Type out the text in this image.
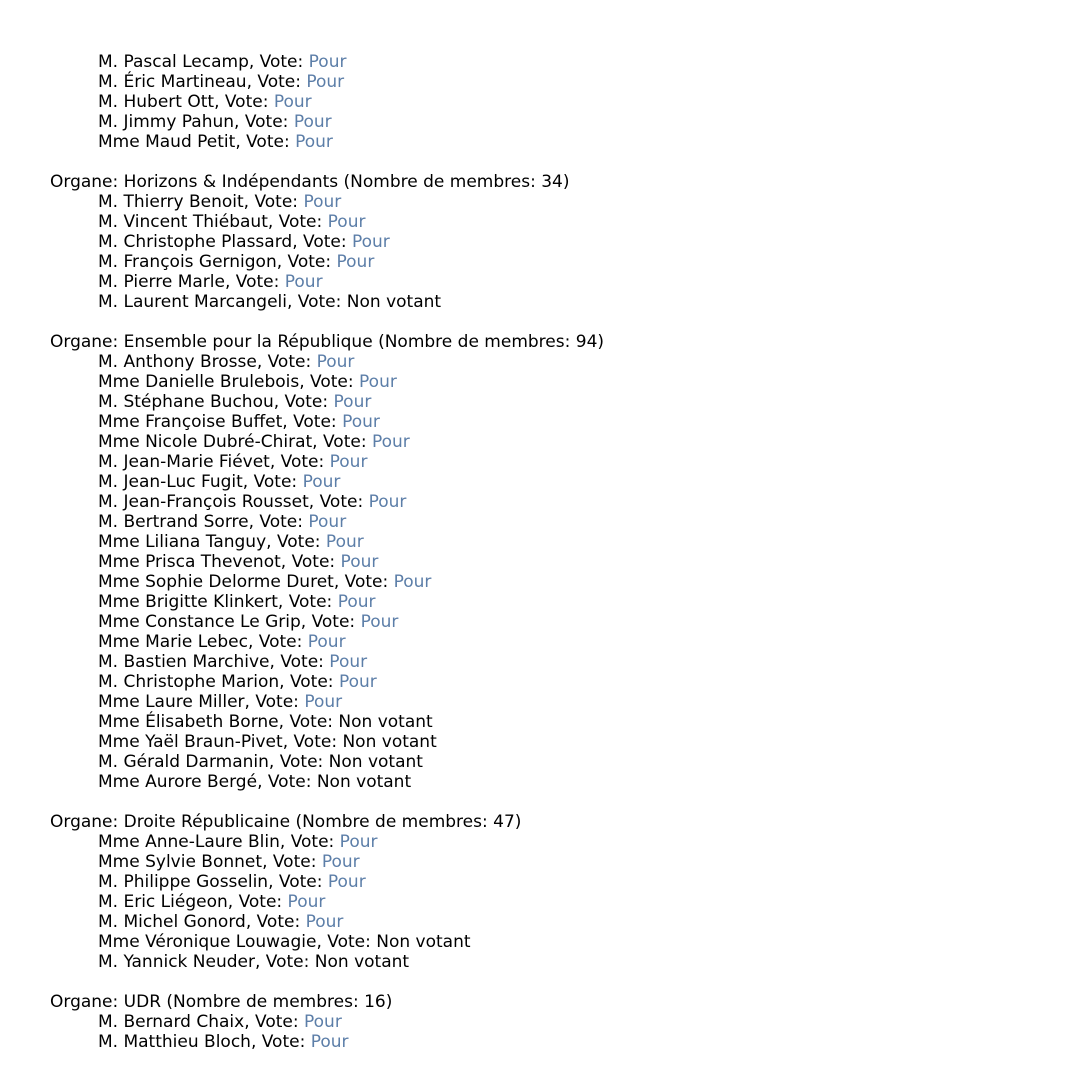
M. Pascal Lecamp, Vote: Pour
M. Éric Martineau, Vote: Pour
M. Hubert Ott, Vote: Pour
M. Jimmy Pahun, Vote: Pour
Mme Maud Petit, Vote: Pour
Organe: Horizons & Indépendants (Nombre de membres: 34)
M. Thierry Benoit, Vote: Pour
M. Vincent Thiébaut, Vote: Pour
M. Christophe Plassard, Vote: Pour
M. François Gernigon, Vote: Pour
M. Pierre Marle, Vote: Pour
M. Laurent Marcangeli, Vote: Non votant
Organe: Ensemble pour la République (Nombre de membres: 94)
M. Anthony Brosse, Vote: Pour
Mme Danielle Brulebois, Vote: Pour
M. Stéphane Buchou, Vote: Pour
Mme Françoise Buffet, Vote: Pour
Mme Nicole Dubré-Chirat, Vote: Pour
M. Jean-Marie Fiévet, Vote: Pour
M. Jean-Luc Fugit, Vote: Pour
M. Jean-François Rousset, Vote: Pour
M. Bertrand Sorre, Vote: Pour
Mme Liliana Tanguy, Vote: Pour
Mme Prisca Thevenot, Vote: Pour
Mme Sophie Delorme Duret, Vote: Pour
Mme Brigitte Klinkert, Vote: Pour
Mme Constance Le Grip, Vote: Pour
Mme Marie Lebec, Vote: Pour
M. Bastien Marchive, Vote: Pour
M. Christophe Marion, Vote: Pour
Mme Laure Miller, Vote: Pour
Mme Élisabeth Borne, Vote: Non votant
Mme Yaël Braun-Pivet, Vote: Non votant
M. Gérald Darmanin, Vote: Non votant
Mme Aurore Bergé, Vote: Non votant
Organe: Droite Républicaine (Nombre de membres: 47)
Mme Anne-Laure Blin, Vote: Pour
Mme Sylvie Bonnet, Vote: Pour
M. Philippe Gosselin, Vote: Pour
M. Eric Liégeon, Vote: Pour
M. Michel Gonord, Vote: Pour
Mme Véronique Louwagie, Vote: Non votant
M. Yannick Neuder, Vote: Non votant
Organe: UDR (Nombre de membres: 16)
M. Bernard Chaix, Vote: Pour
M. Matthieu Bloch, Vote: Pour
